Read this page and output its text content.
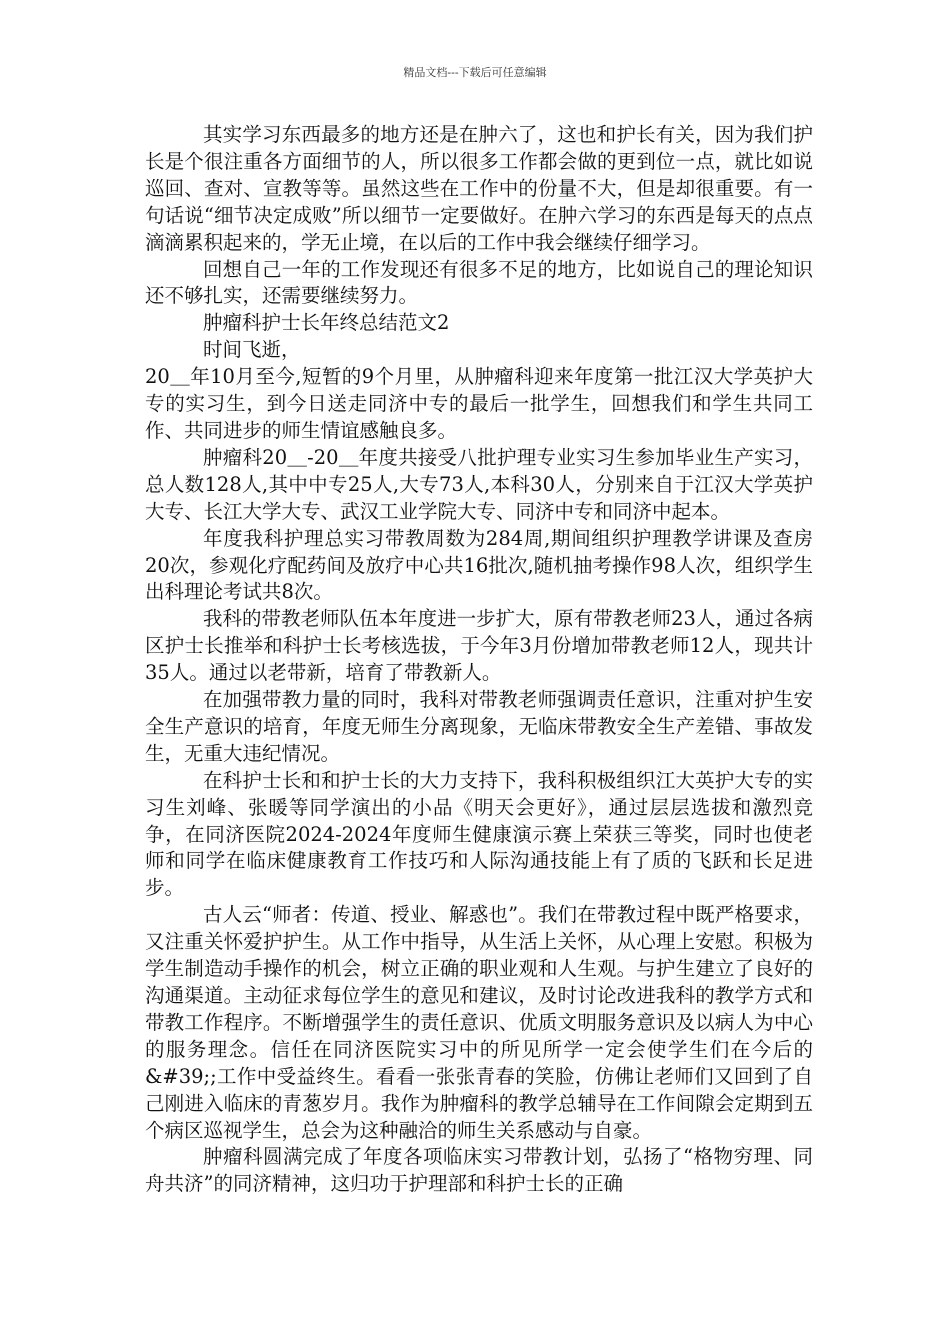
精品文档---下载后可任意编辑

其实学习东西最多的地方还是在肿六了，这也和护长有关，因为我们护长是个很注重各方面细节的人，所以很多工作都会做的更到位一点，就比如说巡回、查对、宣教等等。虽然这些在工作中的份量不大，但是却很重要。有一句话说“细节决定成败”所以细节一定要做好。在肿六学习的东西是每天的点点滴滴累积起来的，学无止境，在以后的工作中我会继续仔细学习。

回想自己一年的工作发现还有很多不足的地方，比如说自己的理论知识还不够扎实，还需要继续努力。

肿瘤科护士长年终总结范文2

时间飞逝，

20＿年10月至今,短暂的9个月里，从肿瘤科迎来年度第一批江汉大学英护大专的实习生，到今日送走同济中专的最后一批学生，回想我们和学生共同工作、共同进步的师生情谊感触良多。

肿瘤科20＿-20＿年度共接受八批护理专业实习生参加毕业生产实习，总人数128人,其中中专25人,大专73人,本科30人，分别来自于江汉大学英护大专、长江大学大专、武汉工业学院大专、同济中专和同济中起本。

年度我科护理总实习带教周数为284周,期间组织护理教学讲课及查房20次，参观化疗配药间及放疗中心共16批次,随机抽考操作98人次，组织学生出科理论考试共8次。

我科的带教老师队伍本年度进一步扩大，原有带教老师23人，通过各病区护士长推举和科护士长考核选拔，于今年3月份增加带教老师12人，现共计35人。通过以老带新，培育了带教新人。

在加强带教力量的同时，我科对带教老师强调责任意识，注重对护生安全生产意识的培育，年度无师生分离现象，无临床带教安全生产差错、事故发生，无重大违纪情况。

在科护士长和和护士长的大力支持下，我科积极组织江大英护大专的实习生刘峰、张暖等同学演出的小品《明天会更好》，通过层层选拔和激烈竞争，在同济医院2024-2024年度师生健康演示赛上荣获三等奖，同时也使老师和同学在临床健康教育工作技巧和人际沟通技能上有了质的飞跃和长足进步。

古人云“师者：传道、授业、解惑也”。我们在带教过程中既严格要求，又注重关怀爱护护生。从工作中指导，从生活上关怀，从心理上安慰。积极为学生制造动手操作的机会，树立正确的职业观和人生观。与护生建立了良好的沟通渠道。主动征求每位学生的意见和建议，及时讨论改进我科的教学方式和带教工作程序。不断增强学生的责任意识、优质文明服务意识及以病人为中心的服务理念。信任在同济医院实习中的所见所学一定会使学生们在今后的&#39;;工作中受益终生。看看一张张青春的笑脸，仿佛让老师们又回到了自己刚进入临床的青葱岁月。我作为肿瘤科的教学总辅导在工作间隙会定期到五个病区巡视学生，总会为这种融洽的师生关系感动与自豪。

肿瘤科圆满完成了年度各项临床实习带教计划，弘扬了“格物穷理、同舟共济”的同济精神，这归功于护理部和科护士长的正确
